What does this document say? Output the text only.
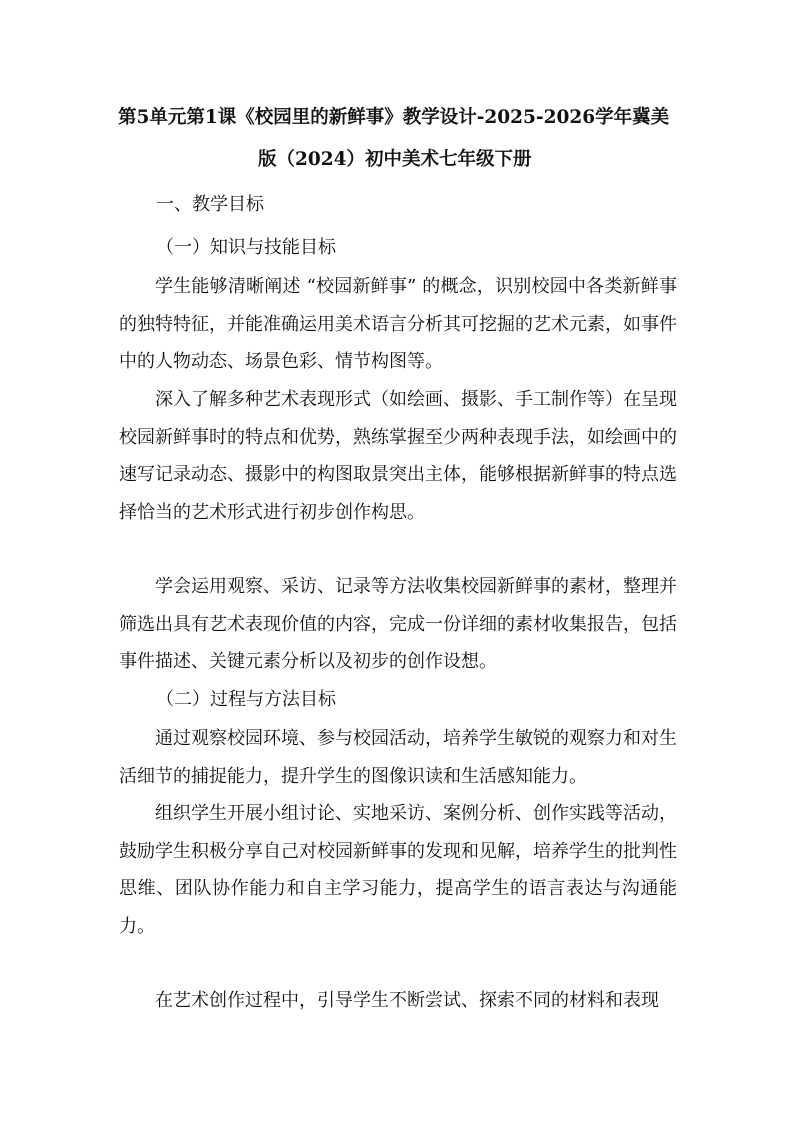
第5单元第1课《校园里的新鲜事》教学设计-2025-2026学年冀美
版（2024）初中美术七年级下册

一、教学目标

（一）知识与技能目标

学生能够清晰阐述 “校园新鲜事” 的概念，识别校园中各类新鲜事的独特特征，并能准确运用美术语言分析其可挖掘的艺术元素，如事件中的人物动态、场景色彩、情节构图等。

深入了解多种艺术表现形式（如绘画、摄影、手工制作等）在呈现校园新鲜事时的特点和优势，熟练掌握至少两种表现手法，如绘画中的速写记录动态、摄影中的构图取景突出主体，能够根据新鲜事的特点选择恰当的艺术形式进行初步创作构思。

学会运用观察、采访、记录等方法收集校园新鲜事的素材，整理并筛选出具有艺术表现价值的内容，完成一份详细的素材收集报告，包括事件描述、关键元素分析以及初步的创作设想。

（二）过程与方法目标

通过观察校园环境、参与校园活动，培养学生敏锐的观察力和对生活细节的捕捉能力，提升学生的图像识读和生活感知能力。

组织学生开展小组讨论、实地采访、案例分析、创作实践等活动，鼓励学生积极分享自己对校园新鲜事的发现和见解，培养学生的批判性思维、团队协作能力和自主学习能力，提高学生的语言表达与沟通能力。

在艺术创作过程中，引导学生不断尝试、探索不同的材料和表现
